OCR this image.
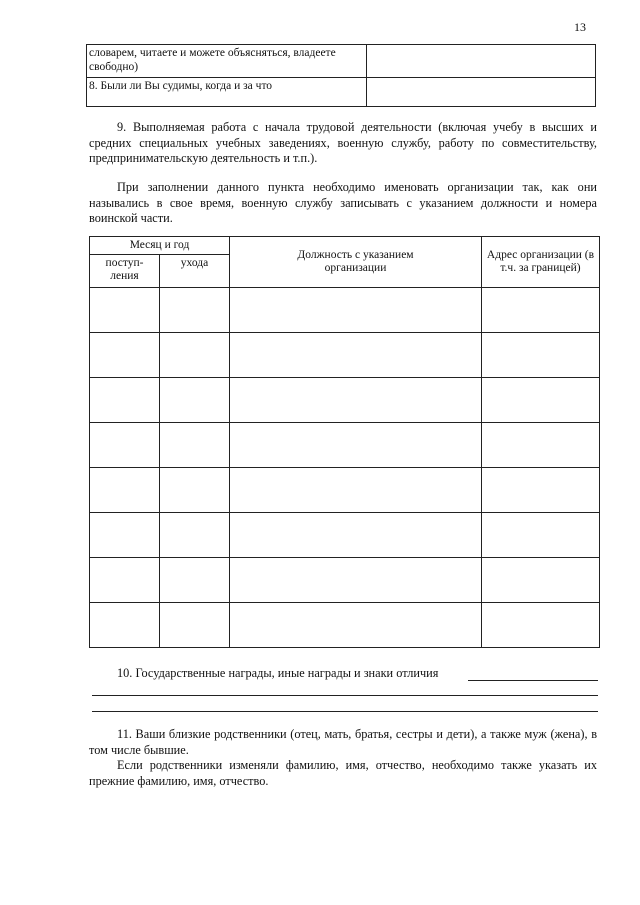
13
словарем, читаете и можете объясняться, владеете свободно)	
8. Были ли Вы судимы, когда и за что	

9. Выполняемая работа с начала трудовой деятельности (включая учебу в высших и средних специальных учебных заведениях, военную службу, работу по совместительству, предпринимательскую деятельность и т.п.).

При заполнении данного пункта необходимо именовать организации так, как они назывались в свое время, военную службу записывать с указанием должности и номера воинской части.

Месяц и год		Должность с указанием организации	Адрес организации (в т.ч. за границей)
поступ-
ления	ухода		

10. Государственные награды, иные награды и знаки отличия

11. Ваши близкие родственники (отец, мать, братья, сестры и дети), а также муж (жена), в том числе бывшие.

Если родственники изменяли фамилию, имя, отчество, необходимо также указать их прежние фамилию, имя, отчество.
